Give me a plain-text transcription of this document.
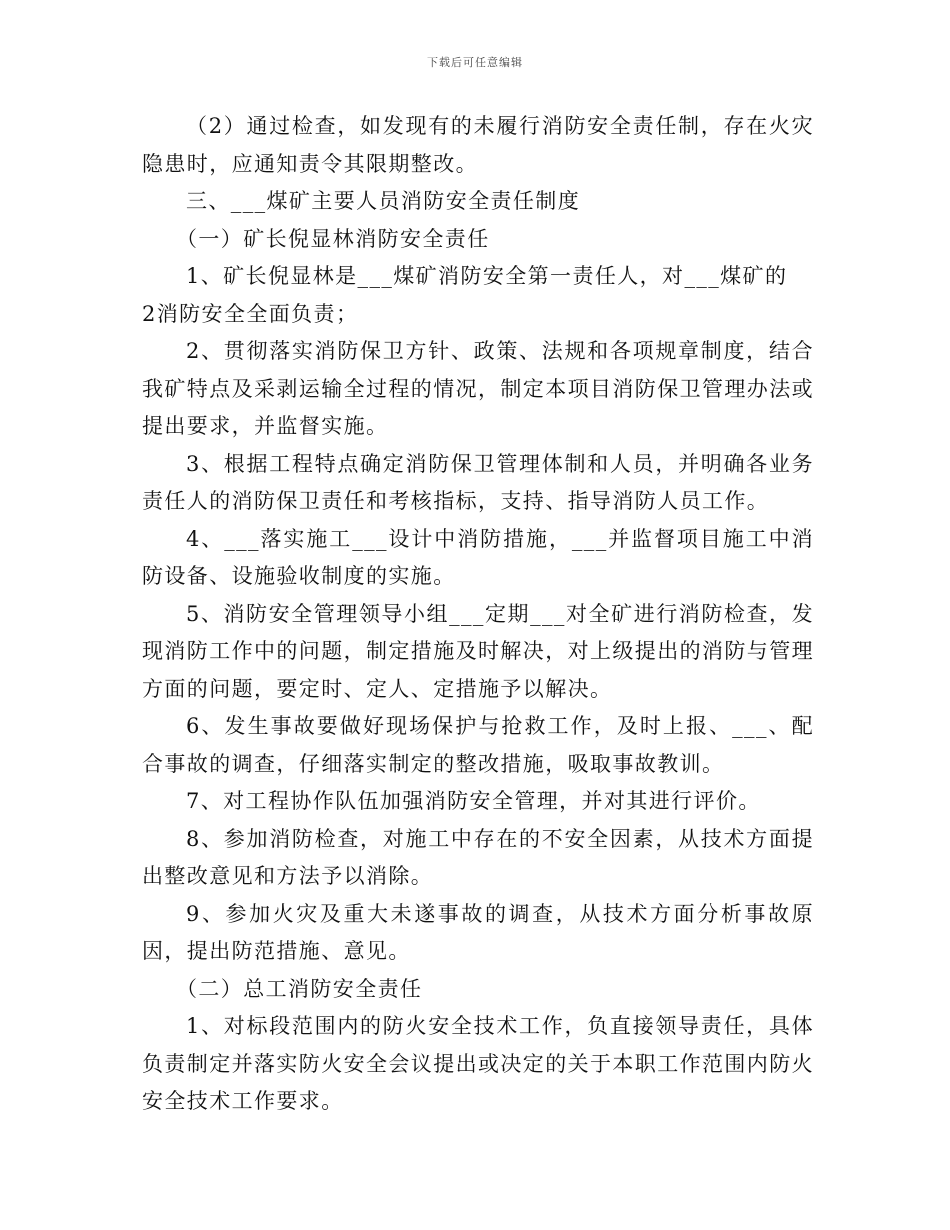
下载后可任意编辑

（2）通过检查，如发现有的未履行消防安全责任制，存在火灾隐患时，应通知责令其限期整改。

三、___煤矿主要人员消防安全责任制度

（一）矿长倪显林消防安全责任

1、矿长倪显林是___煤矿消防安全第一责任人，对___煤矿的

2消防安全全面负责；

2、贯彻落实消防保卫方针、政策、法规和各项规章制度，结合我矿特点及采剥运输全过程的情况，制定本项目消防保卫管理办法或提出要求，并监督实施。

3、根据工程特点确定消防保卫管理体制和人员，并明确各业务责任人的消防保卫责任和考核指标，支持、指导消防人员工作。

4、___落实施工___设计中消防措施，___并监督项目施工中消防设备、设施验收制度的实施。

5、消防安全管理领导小组___定期___对全矿进行消防检查，发现消防工作中的问题，制定措施及时解决，对上级提出的消防与管理方面的问题，要定时、定人、定措施予以解决。

6、发生事故要做好现场保护与抢救工作，及时上报、___、配合事故的调查，仔细落实制定的整改措施，吸取事故教训。

7、对工程协作队伍加强消防安全管理，并对其进行评价。

8、参加消防检查，对施工中存在的不安全因素，从技术方面提出整改意见和方法予以消除。

9、参加火灾及重大未遂事故的调查，从技术方面分析事故原因，提出防范措施、意见。

（二）总工消防安全责任

1、对标段范围内的防火安全技术工作，负直接领导责任，具体负责制定并落实防火安全会议提出或决定的关于本职工作范围内防火安全技术工作要求。
